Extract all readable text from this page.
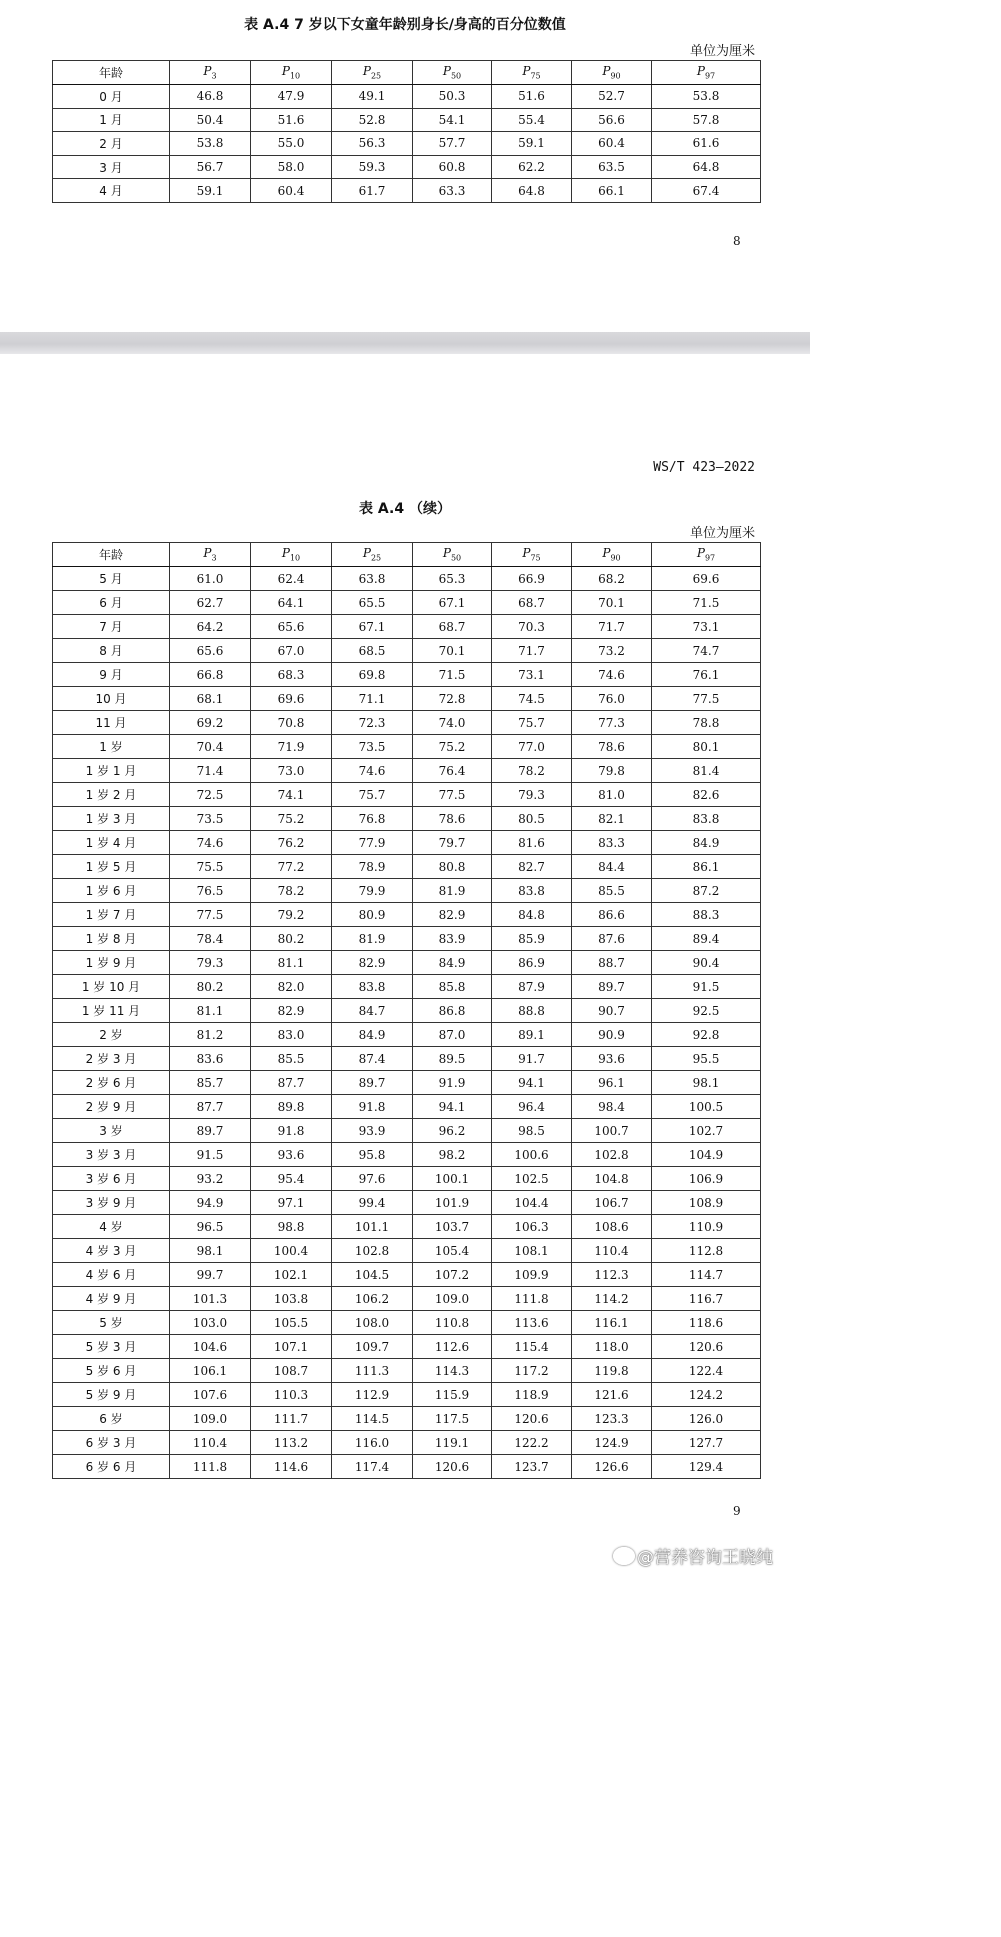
表 A.4 7 岁以下女童年龄别身长/身高的百分位数值
单位为厘米
年龄	$P_3$	$P_{10}$	$P_{25}$	$P_{50}$	$P_{75}$	$P_{90}$	$P_{97}$
0 月	46.8	47.9	49.1	50.3	51.6	52.7	53.8
1 月	50.4	51.6	52.8	54.1	55.4	56.6	57.8
2 月	53.8	55.0	56.3	57.7	59.1	60.4	61.6
3 月	56.7	58.0	59.3	60.8	62.2	63.5	64.8
4 月	59.1	60.4	61.7	63.3	64.8	66.1	67.4
8
WS/T 423—2022
表 A.4 （续）
单位为厘米
年龄	$P_3$	$P_{10}$	$P_{25}$	$P_{50}$	$P_{75}$	$P_{90}$	$P_{97}$
5 月	61.0	62.4	63.8	65.3	66.9	68.2	69.6
6 月	62.7	64.1	65.5	67.1	68.7	70.1	71.5
7 月	64.2	65.6	67.1	68.7	70.3	71.7	73.1
8 月	65.6	67.0	68.5	70.1	71.7	73.2	74.7
9 月	66.8	68.3	69.8	71.5	73.1	74.6	76.1
10 月	68.1	69.6	71.1	72.8	74.5	76.0	77.5
11 月	69.2	70.8	72.3	74.0	75.7	77.3	78.8
1 岁	70.4	71.9	73.5	75.2	77.0	78.6	80.1
1 岁 1 月	71.4	73.0	74.6	76.4	78.2	79.8	81.4
1 岁 2 月	72.5	74.1	75.7	77.5	79.3	81.0	82.6
1 岁 3 月	73.5	75.2	76.8	78.6	80.5	82.1	83.8
1 岁 4 月	74.6	76.2	77.9	79.7	81.6	83.3	84.9
1 岁 5 月	75.5	77.2	78.9	80.8	82.7	84.4	86.1
1 岁 6 月	76.5	78.2	79.9	81.9	83.8	85.5	87.2
1 岁 7 月	77.5	79.2	80.9	82.9	84.8	86.6	88.3
1 岁 8 月	78.4	80.2	81.9	83.9	85.9	87.6	89.4
1 岁 9 月	79.3	81.1	82.9	84.9	86.9	88.7	90.4
1 岁 10 月	80.2	82.0	83.8	85.8	87.9	89.7	91.5
1 岁 11 月	81.1	82.9	84.7	86.8	88.8	90.7	92.5
2 岁	81.2	83.0	84.9	87.0	89.1	90.9	92.8
2 岁 3 月	83.6	85.5	87.4	89.5	91.7	93.6	95.5
2 岁 6 月	85.7	87.7	89.7	91.9	94.1	96.1	98.1
2 岁 9 月	87.7	89.8	91.8	94.1	96.4	98.4	100.5
3 岁	89.7	91.8	93.9	96.2	98.5	100.7	102.7
3 岁 3 月	91.5	93.6	95.8	98.2	100.6	102.8	104.9
3 岁 6 月	93.2	95.4	97.6	100.1	102.5	104.8	106.9
3 岁 9 月	94.9	97.1	99.4	101.9	104.4	106.7	108.9
4 岁	96.5	98.8	101.1	103.7	106.3	108.6	110.9
4 岁 3 月	98.1	100.4	102.8	105.4	108.1	110.4	112.8
4 岁 6 月	99.7	102.1	104.5	107.2	109.9	112.3	114.7
4 岁 9 月	101.3	103.8	106.2	109.0	111.8	114.2	116.7
5 岁	103.0	105.5	108.0	110.8	113.6	116.1	118.6
5 岁 3 月	104.6	107.1	109.7	112.6	115.4	118.0	120.6
5 岁 6 月	106.1	108.7	111.3	114.3	117.2	119.8	122.4
5 岁 9 月	107.6	110.3	112.9	115.9	118.9	121.6	124.2
6 岁	109.0	111.7	114.5	117.5	120.6	123.3	126.0
6 岁 3 月	110.4	113.2	116.0	119.1	122.2	124.9	127.7
6 岁 6 月	111.8	114.6	117.4	120.6	123.7	126.6	129.4
9
@营养咨询王晓纯
